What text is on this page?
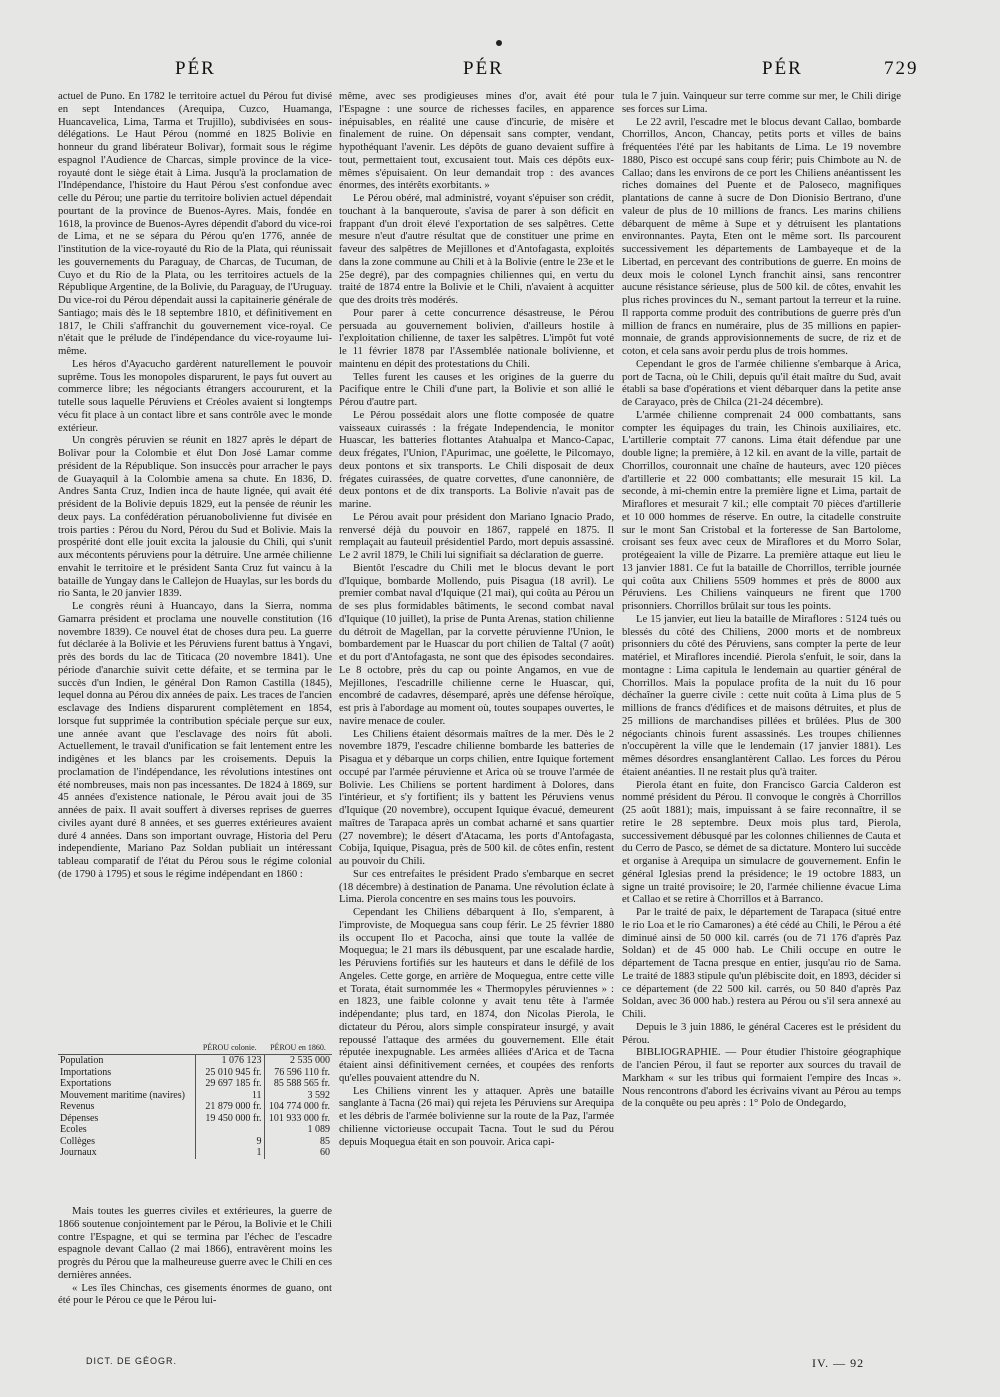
PÉR	PÉR	PÉR	729

actuel de Puno. En 1782 le territoire actuel du Pérou fut divisé en sept Intendances (Arequipa, Cuzco, Huamanga, Huancavelica, Lima, Tarma et Trujillo), subdivisées en sous-délégations. Le Haut Pérou (nommé en 1825 Bolivie en honneur du grand libérateur Bolivar), formait sous le régime espagnol l'Audience de Charcas, simple province de la vice-royauté dont le siège était à Lima. Jusqu'à la proclamation de l'Indépendance, l'histoire du Haut Pérou s'est confondue avec celle du Pérou; une partie du territoire bolivien actuel dépendait pourtant de la province de Buenos-Ayres. Mais, fondée en 1618, la province de Buenos-Ayres dépendit d'abord du vice-roi de Lima, et ne se sépara du Pérou qu'en 1776, année de l'institution de la vice-royauté du Rio de la Plata, qui réunissait les gouvernements du Paraguay, de Charcas, de Tucuman, de Cuyo et du Rio de la Plata, ou les territoires actuels de la République Argentine, de la Bolivie, du Paraguay, de l'Uruguay. Du vice-roi du Pérou dépendait aussi la capitainerie générale de Santiago; mais dès le 18 septembre 1810, et définitivement en 1817, le Chili s'affranchit du gouvernement vice-royal. Ce n'était que le prélude de l'indépendance du vice-royaume lui-même.

Les héros d'Ayacucho gardèrent naturellement le pouvoir suprême. Tous les monopoles disparurent, le pays fut ouvert au commerce libre; les négociants étrangers accoururent, et la tutelle sous laquelle Péruviens et Créoles avaient si longtemps vécu fit place à un contact libre et sans contrôle avec le monde extérieur.

Un congrès péruvien se réunit en 1827 après le départ de Bolivar pour la Colombie et élut Don José Lamar comme président de la République. Son insuccès pour arracher le pays de Guayaquil à la Colombie amena sa chute. En 1836, D. Andres Santa Cruz, Indien inca de haute lignée, qui avait été président de la Bolivie depuis 1829, eut la pensée de réunir les deux pays. La confédération péruanobolivienne fut divisée en trois parties : Pérou du Nord, Pérou du Sud et Bolivie. Mais la prospérité dont elle jouit excita la jalousie du Chili, qui s'unit aux mécontents péruviens pour la détruire. Une armée chilienne envahit le territoire et le président Santa Cruz fut vaincu à la bataille de Yungay dans le Callejon de Huaylas, sur les bords du rio Santa, le 20 janvier 1839.

Le congrès réuni à Huancayo, dans la Sierra, nomma Gamarra président et proclama une nouvelle constitution (16 novembre 1839). Ce nouvel état de choses dura peu. La guerre fut déclarée à la Bolivie et les Péruviens furent battus à Yngavi, près des bords du lac de Titicaca (20 novembre 1841). Une période d'anarchie suivit cette défaite, et se termina par le succès d'un Indien, le général Don Ramon Castilla (1845), lequel donna au Pérou dix années de paix. Les traces de l'ancien esclavage des Indiens disparurent complètement en 1854, lorsque fut supprimée la contribution spéciale perçue sur eux, une année avant que l'esclavage des noirs fût aboli. Actuellement, le travail d'unification se fait lentement entre les indigènes et les blancs par les croisements. Depuis la proclamation de l'indépendance, les révolutions intestines ont été nombreuses, mais non pas incessantes. De 1824 à 1869, sur 45 années d'existence nationale, le Pérou avait joui de 35 années de paix. Il avait souffert à diverses reprises de guerres civiles ayant duré 8 années, et ses guerres extérieures avaient duré 4 années. Dans son important ouvrage, Historia del Peru independiente, Mariano Paz Soldan publiait un intéressant tableau comparatif de l'état du Pérou sous le régime colonial (de 1790 à 1795) et sous le régime indépendant en 1860 :

	PÉROU colonie.	PÉROU en 1860.
Population	1 076 123	2 535 000
Importations	25 010 945 fr.	76 596 110 fr.
Exportations	29 697 185 fr.	85 588 565 fr.
Mouvement maritime (navires)	11	3 592
Revenus	21 879 000 fr.	104 774 000 fr.
Dépenses	19 450 000 fr.	101 933 000 fr.
Écoles		1 089
Collèges	9	85
Journaux	1	60

Mais toutes les guerres civiles et extérieures, la guerre de 1866 soutenue conjointement par le Pérou, la Bolivie et le Chili contre l'Espagne, et qui se termina par l'échec de l'escadre espagnole devant Callao (2 mai 1866), entravèrent moins les progrès du Pérou que la malheureuse guerre avec le Chili en ces dernières années.

« Les îles Chinchas, ces gisements énormes de guano, ont été pour le Pérou ce que le Pérou lui-

même, avec ses prodigieuses mines d'or, avait été pour l'Espagne : une source de richesses faciles, en apparence inépuisables, en réalité une cause d'incurie, de misère et finalement de ruine. On dépensait sans compter, vendant, hypothéquant l'avenir. Les dépôts de guano devaient suffire à tout, permettaient tout, excusaient tout. Mais ces dépôts eux-mêmes s'épuisaient. On leur demandait trop : des avances énormes, des intérêts exorbitants. »

Le Pérou obéré, mal administré, voyant s'épuiser son crédit, touchant à la banqueroute, s'avisa de parer à son déficit en frappant d'un droit élevé l'exportation de ses salpêtres. Cette mesure n'eut d'autre résultat que de constituer une prime en faveur des salpêtres de Mejillones et d'Antofagasta, exploités dans la zone commune au Chili et à la Bolivie (entre le 23e et le 25e degré), par des compagnies chiliennes qui, en vertu du traité de 1874 entre la Bolivie et le Chili, n'avaient à acquitter que des droits très modérés.

Pour parer à cette concurrence désastreuse, le Pérou persuada au gouvernement bolivien, d'ailleurs hostile à l'exploitation chilienne, de taxer les salpêtres. L'impôt fut voté le 11 février 1878 par l'Assemblée nationale bolivienne, et maintenu en dépit des protestations du Chili.

Telles furent les causes et les origines de la guerre du Pacifique entre le Chili d'une part, la Bolivie et son allié le Pérou d'autre part.

Le Pérou possédait alors une flotte composée de quatre vaisseaux cuirassés : la frégate Independencia, le monitor Huascar, les batteries flottantes Atahualpa et Manco-Capac, deux frégates, l'Union, l'Apurimac, une goélette, le Pilcomayo, deux pontons et six transports. Le Chili disposait de deux frégates cuirassées, de quatre corvettes, d'une canonnière, de deux pontons et de dix transports. La Bolivie n'avait pas de marine.

Le Pérou avait pour président don Mariano Ignacio Prado, renversé déjà du pouvoir en 1867, rappelé en 1875. Il remplaçait au fauteuil présidentiel Pardo, mort depuis assassiné. Le 2 avril 1879, le Chili lui signifiait sa déclaration de guerre.

Bientôt l'escadre du Chili met le blocus devant le port d'Iquique, bombarde Mollendo, puis Pisagua (18 avril). Le premier combat naval d'Iquique (21 mai), qui coûta au Pérou un de ses plus formidables bâtiments, le second combat naval d'Iquique (10 juillet), la prise de Punta Arenas, station chilienne du détroit de Magellan, par la corvette péruvienne l'Union, le bombardement par le Huascar du port chilien de Taltal (7 août) et du port d'Antofagasta, ne sont que des épisodes secondaires. Le 8 octobre, près du cap ou pointe Angamos, en vue de Mejillones, l'escadrille chilienne cerne le Huascar, qui, encombré de cadavres, désemparé, après une défense héroïque, est pris à l'abordage au moment où, toutes soupapes ouvertes, le navire menace de couler.

Les Chiliens étaient désormais maîtres de la mer. Dès le 2 novembre 1879, l'escadre chilienne bombarde les batteries de Pisagua et y débarque un corps chilien, entre Iquique fortement occupé par l'armée péruvienne et Arica où se trouve l'armée de Bolivie. Les Chiliens se portent hardiment à Dolores, dans l'intérieur, et s'y fortifient; ils y battent les Péruviens venus d'Iquique (20 novembre), occupent Iquique évacué, demeurent maîtres de Tarapaca après un combat acharné et sans quartier (27 novembre); le désert d'Atacama, les ports d'Antofagasta, Cobija, Iquique, Pisagua, près de 500 kil. de côtes enfin, restent au pouvoir du Chili.

Sur ces entrefaites le président Prado s'embarque en secret (18 décembre) à destination de Panama. Une révolution éclate à Lima. Pierola concentre en ses mains tous les pouvoirs.

Cependant les Chiliens débarquent à Ilo, s'emparent, à l'improviste, de Moquegua sans coup férir. Le 25 février 1880 ils occupent Ilo et Pacocha, ainsi que toute la vallée de Moquegua; le 21 mars ils débusquent, par une escalade hardie, les Péruviens fortifiés sur les hauteurs et dans le défilé de los Angeles. Cette gorge, en arrière de Moquegua, entre cette ville et Torata, était surnommée les « Thermopyles péruviennes » : en 1823, une faible colonne y avait tenu tête à l'armée indépendante; plus tard, en 1874, don Nicolas Pierola, le dictateur du Pérou, alors simple conspirateur insurgé, y avait repoussé l'attaque des armées du gouvernement. Elle était réputée inexpugnable. Les armées alliées d'Arica et de Tacna étaient ainsi définitivement cernées, et coupées des renforts qu'elles pouvaient attendre du N.

Les Chiliens vinrent les y attaquer. Après une bataille sanglante à Tacna (26 mai) qui rejeta les Péruviens sur Arequipa et les débris de l'armée bolivienne sur la route de la Paz, l'armée chilienne victorieuse occupait Tacna. Tout le sud du Pérou depuis Moquegua était en son pouvoir. Arica capi-

tula le 7 juin. Vainqueur sur terre comme sur mer, le Chili dirige ses forces sur Lima.

Le 22 avril, l'escadre met le blocus devant Callao, bombarde Chorrillos, Ancon, Chancay, petits ports et villes de bains fréquentées l'été par les habitants de Lima. Le 19 novembre 1880, Pisco est occupé sans coup férir; puis Chimbote au N. de Callao; dans les environs de ce port les Chiliens anéantissent les riches domaines del Puente et de Paloseco, magnifiques plantations de canne à sucre de Don Dionisio Bertrano, d'une valeur de plus de 10 millions de francs. Les marins chiliens débarquent de même à Supe et y détruisent les plantations environnantes. Payta, Eten ont le même sort. Ils parcourent successivement les départements de Lambayeque et de la Libertad, en percevant des contributions de guerre. En moins de deux mois le colonel Lynch franchit ainsi, sans rencontrer aucune résistance sérieuse, plus de 500 kil. de côtes, envahit les plus riches provinces du N., semant partout la terreur et la ruine. Il rapporta comme produit des contributions de guerre près d'un million de francs en numéraire, plus de 35 millions en papier-monnaie, de grands approvisionnements de sucre, de riz et de coton, et cela sans avoir perdu plus de trois hommes.

Cependant le gros de l'armée chilienne s'embarque à Arica, port de Tacna, où le Chili, depuis qu'il était maître du Sud, avait établi sa base d'opérations et vient débarquer dans la petite anse de Carayaco, près de Chilca (21-24 décembre).

L'armée chilienne comprenait 24 000 combattants, sans compter les équipages du train, les Chinois auxiliaires, etc. L'artillerie comptait 77 canons. Lima était défendue par une double ligne; la première, à 12 kil. en avant de la ville, partait de Chorrillos, couronnait une chaîne de hauteurs, avec 120 pièces d'artillerie et 22 000 combattants; elle mesurait 15 kil. La seconde, à mi-chemin entre la première ligne et Lima, partait de Miraflores et mesurait 7 kil.; elle comptait 70 pièces d'artillerie et 10 000 hommes de réserve. En outre, la citadelle construite sur le mont San Cristobal et la forteresse de San Bartolome, croisant ses feux avec ceux de Miraflores et du Morro Solar, protégeaient la ville de Pizarre. La première attaque eut lieu le 13 janvier 1881. Ce fut la bataille de Chorrillos, terrible journée qui coûta aux Chiliens 5509 hommes et près de 8000 aux Péruviens. Les Chiliens vainqueurs ne firent que 1700 prisonniers. Chorrillos brûlait sur tous les points.

Le 15 janvier, eut lieu la bataille de Miraflores : 5124 tués ou blessés du côté des Chiliens, 2000 morts et de nombreux prisonniers du côté des Péruviens, sans compter la perte de leur matériel, et Miraflores incendié. Pierola s'enfuit, le soir, dans la montagne : Lima capitula le lendemain au quartier général de Chorrillos. Mais la populace profita de la nuit du 16 pour déchaîner la guerre civile : cette nuit coûta à Lima plus de 5 millions de francs d'édifices et de maisons détruites, et plus de 25 millions de marchandises pillées et brûlées. Plus de 300 négociants chinois furent assassinés. Les troupes chiliennes n'occupèrent la ville que le lendemain (17 janvier 1881). Les mêmes désordres ensanglantèrent Callao. Les forces du Pérou étaient anéanties. Il ne restait plus qu'à traiter.

Pierola étant en fuite, don Francisco Garcia Calderon est nommé président du Pérou. Il convoque le congrès à Chorrillos (25 août 1881); mais, impuissant à se faire reconnaître, il se retire le 28 septembre. Deux mois plus tard, Pierola, successivement débusqué par les colonnes chiliennes de Cauta et du Cerro de Pasco, se démet de sa dictature. Montero lui succède et organise à Arequipa un simulacre de gouvernement. Enfin le général Iglesias prend la présidence; le 19 octobre 1883, un signe un traité provisoire; le 20, l'armée chilienne évacue Lima et Callao et se retire à Chorrillos et à Barranco.

Par le traité de paix, le département de Tarapaca (situé entre le rio Loa et le rio Camarones) a été cédé au Chili, le Pérou a été diminué ainsi de 50 000 kil. carrés (ou de 71 176 d'après Paz Soldan) et de 45 000 hab. Le Chili occupe en outre le département de Tacna presque en entier, jusqu'au rio de Sama. Le traité de 1883 stipule qu'un plébiscite doit, en 1893, décider si ce département (de 22 500 kil. carrés, ou 50 840 d'après Paz Soldan, avec 36 000 hab.) restera au Pérou ou s'il sera annexé au Chili.

Depuis le 3 juin 1886, le général Caceres est le président du Pérou.

BIBLIOGRAPHIE. — Pour étudier l'histoire géographique de l'ancien Pérou, il faut se reporter aux sources du travail de Markham « sur les tribus qui formaient l'empire des Incas ». Nous rencontrons d'abord les écrivains vivant au Pérou au temps de la conquête ou peu après : 1° Polo de Ondegardo,

DICT. DE GÉOGR.	IV. — 92
